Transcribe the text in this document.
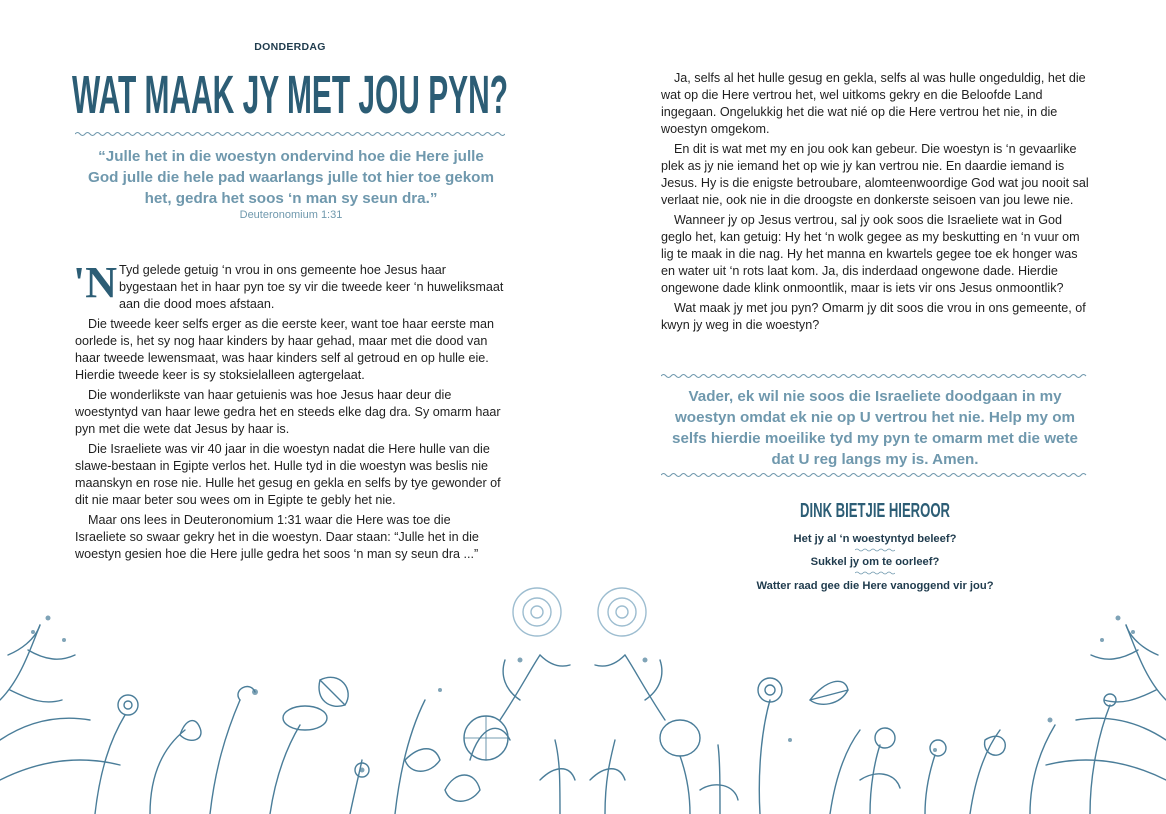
DONDERDAG
WAT MAAK JY MET JOU PYN?

“Julle het in die woestyn ondervind hoe die Here julle God julle die hele pad waarlangs julle tot hier toe gekom het, gedra het soos ‘n man sy seun dra.”

Deuteronomium 1:31

'N Tyd gelede getuig ‘n vrou in ons gemeente hoe Jesus haar bygestaan het in haar pyn toe sy vir die tweede keer ‘n huweliksmaat aan die dood moes afstaan.

Die tweede keer selfs erger as die eerste keer, want toe haar eerste man oorlede is, het sy nog haar kinders by haar gehad, maar met die dood van haar tweede lewensmaat, was haar kinders self al getroud en op hulle eie. Hierdie tweede keer is sy stoksielalleen agtergelaat.

Die wonderlikste van haar getuienis was hoe Jesus haar deur die woestyntyd van haar lewe gedra het en steeds elke dag dra. Sy omarm haar pyn met die wete dat Jesus by haar is.

Die Israeliete was vir 40 jaar in die woestyn nadat die Here hulle van die slawe-bestaan in Egipte verlos het. Hulle tyd in die woestyn was beslis nie maanskyn en rose nie. Hulle het gesug en gekla en selfs by tye gewonder of dit nie maar beter sou wees om in Egipte te gebly het nie.

Maar ons lees in Deuteronomium 1:31 waar die Here was toe die Israeliete so swaar gekry het in die woestyn. Daar staan: “Julle het in die woestyn gesien hoe die Here julle gedra het soos ‘n man sy seun dra ...”

Ja, selfs al het hulle gesug en gekla, selfs al was hulle ongeduldig, het die wat op die Here vertrou het, wel uitkoms gekry en die Beloofde Land ingegaan. Ongelukkig het die wat nié op die Here vertrou het nie, in die woestyn omgekom.

En dit is wat met my en jou ook kan gebeur. Die woestyn is ‘n gevaarlike plek as jy nie iemand het op wie jy kan vertrou nie. En daardie iemand is Jesus. Hy is die enigste betroubare, alomteenwoordige God wat jou nooit sal verlaat nie, ook nie in die droogste en donkerste seisoen van jou lewe nie.

Wanneer jy op Jesus vertrou, sal jy ook soos die Israeliete wat in God geglo het, kan getuig: Hy het ‘n wolk gegee as my beskutting en ‘n vuur om lig te maak in die nag. Hy het manna en kwartels gegee toe ek honger was en water uit ‘n rots laat kom. Ja, dis inderdaad ongewone dade. Hierdie ongewone dade klink onmoontlik, maar is iets vir ons Jesus onmoontlik?

Wat maak jy met jou pyn? Omarm jy dit soos die vrou in ons gemeente, of kwyn jy weg in die woestyn?

Vader, ek wil nie soos die Israeliete doodgaan in my woestyn omdat ek nie op U vertrou het nie. Help my om selfs hierdie moeilike tyd my pyn te omarm met die wete dat U reg langs my is. Amen.

DINK BIETJIE HIEROOR
Het jy al ‘n woestyntyd beleef?
Sukkel jy om te oorleef?
Watter raad gee die Here vanoggend vir jou?
